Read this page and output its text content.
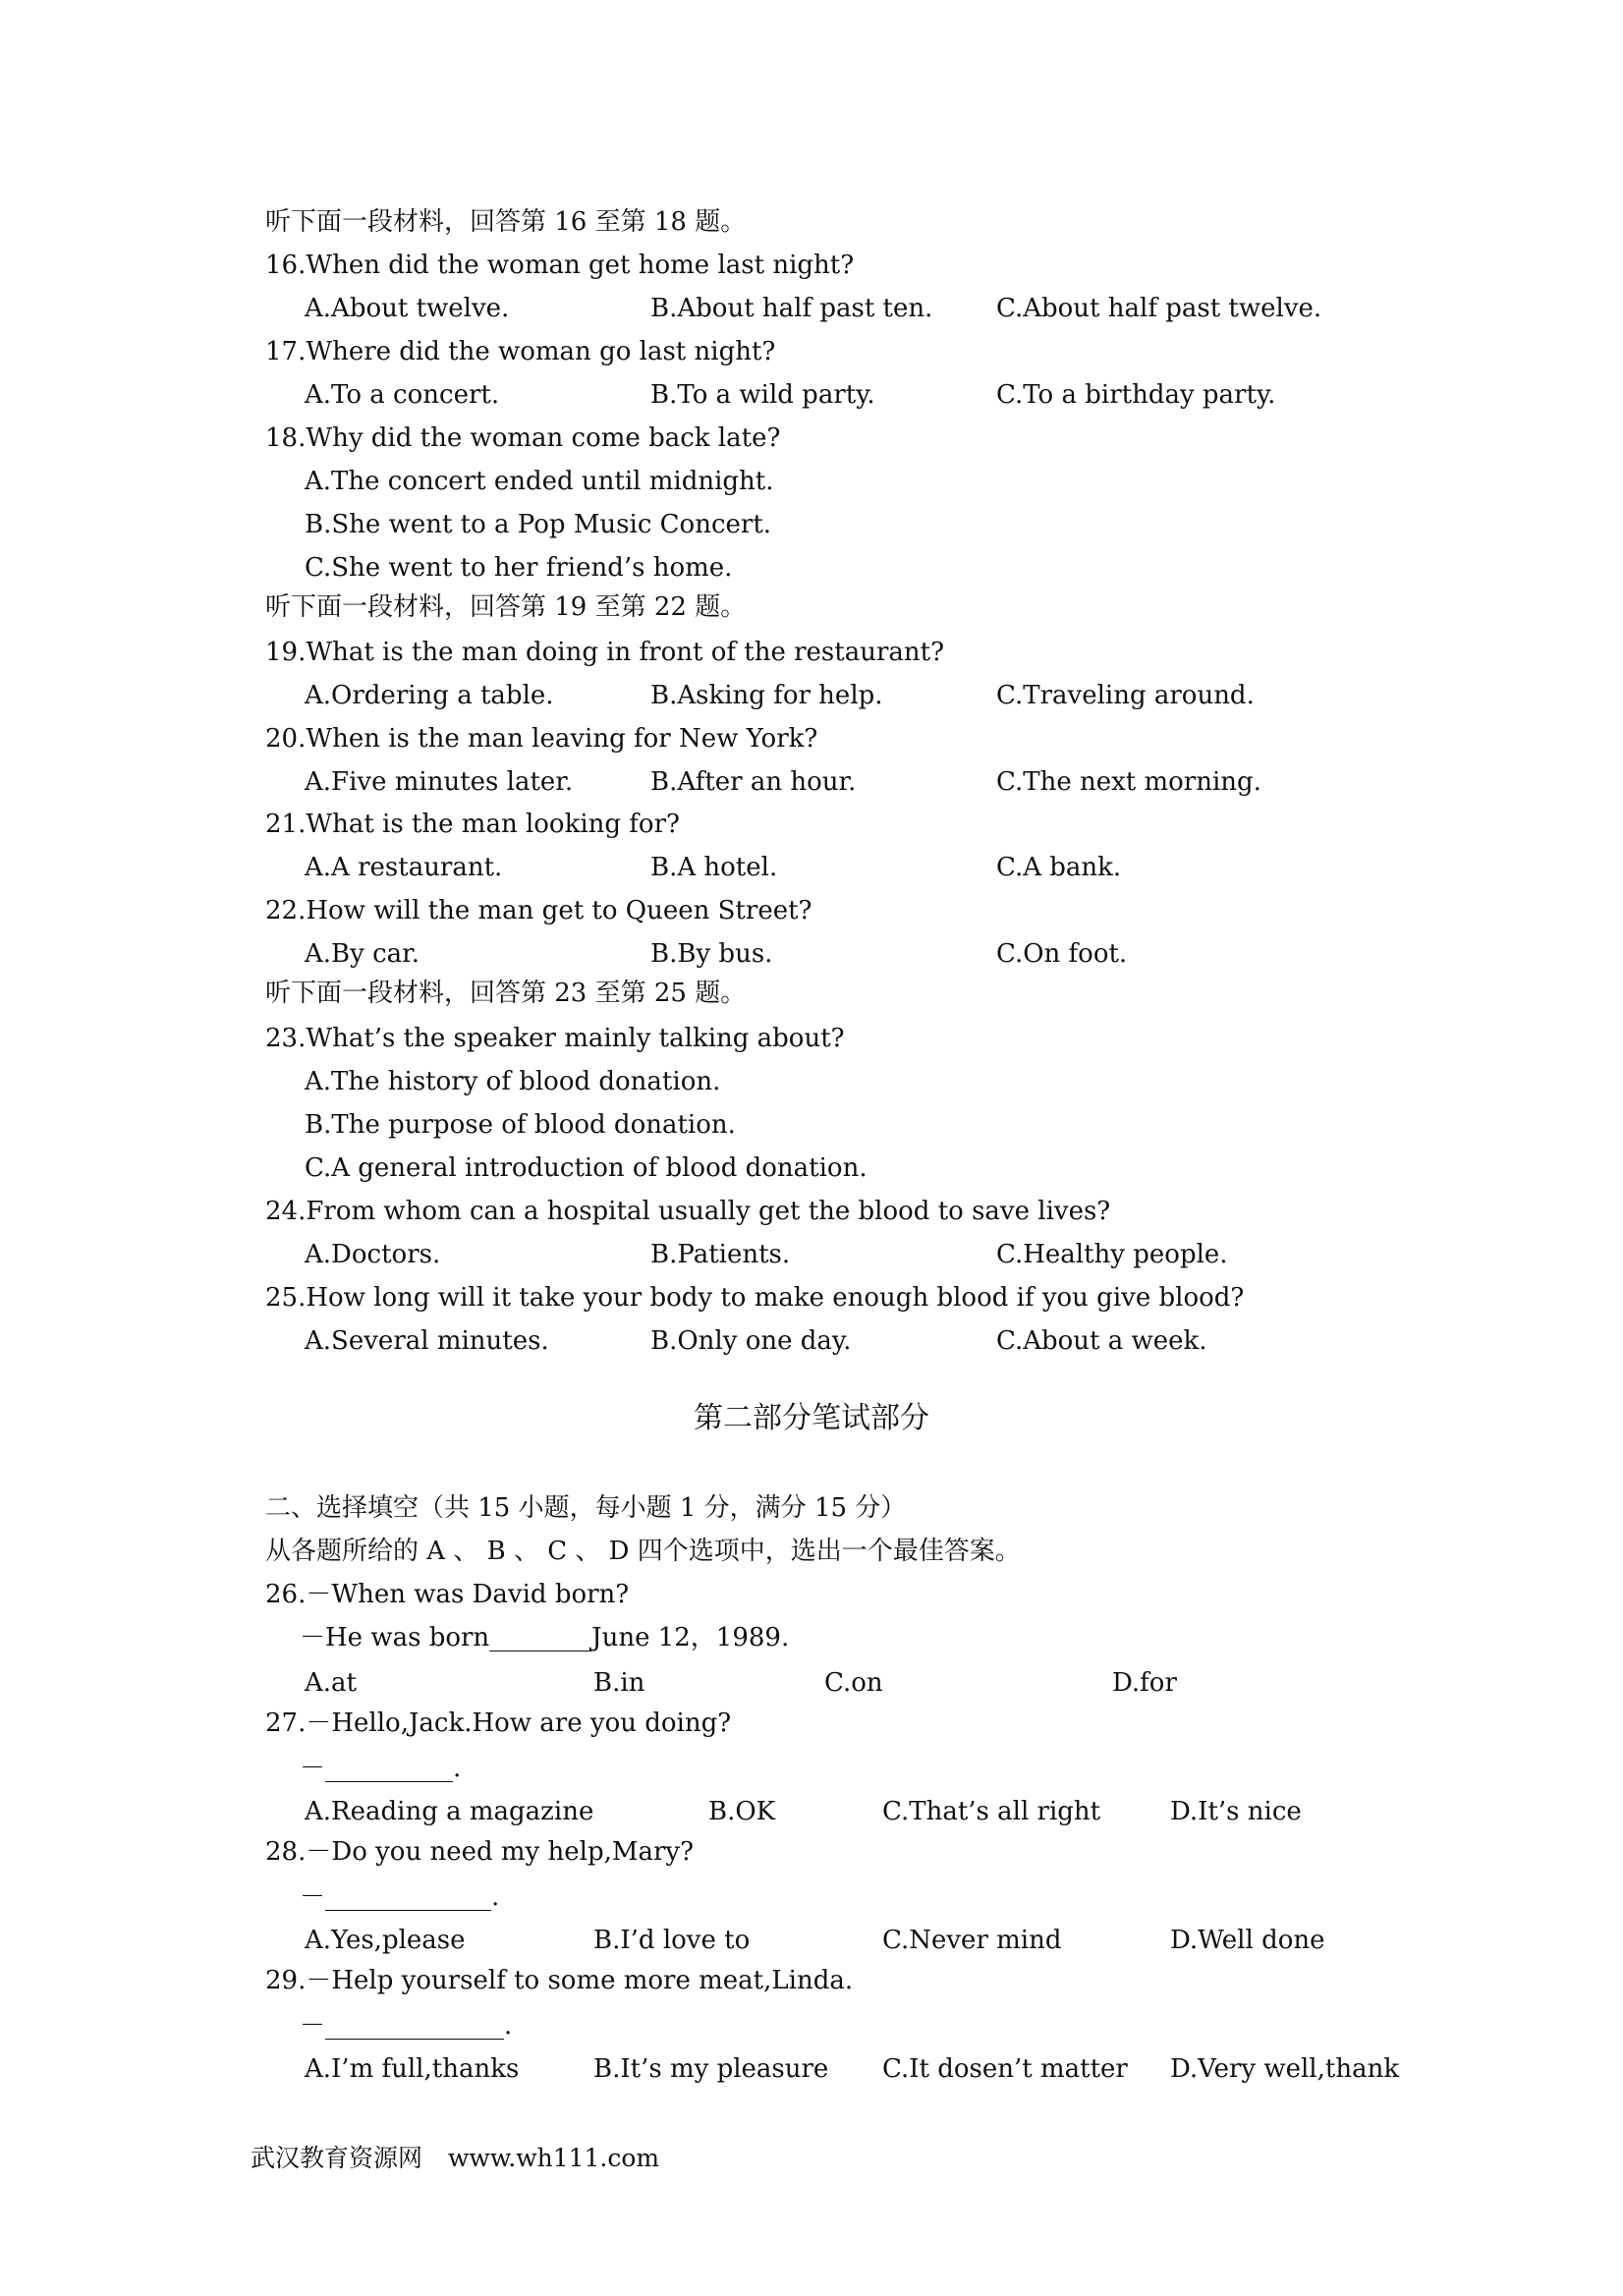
听下面一段材料，回答第 16 至第 18 题。
16.When did the woman get home last night?
A.About twelve.	B.About half past ten. C.About half past twelve.
17.Where did the woman go last night?
A.To a concert.	B.To a wild party.	C.To a birthday party.
18.Why did the woman come back late?
A.The concert ended until midnight.
B.She went to a Pop Music Concert.
C.She went to her friend’s home.
听下面一段材料，回答第 19 至第 22 题。
19.What is the man doing in front of the restaurant?
A.Ordering a table.	B.Asking for help.	C.Traveling around.
20.When is the man leaving for New York?
A.Five minutes later.	B.After an hour.	C.The next morning.
21.What is the man looking for?
A.A restaurant.	B.A hotel.	C.A bank.
22.How will the man get to Queen Street?
A.By car.	B.By bus.	C.On foot.
听下面一段材料，回答第 23 至第 25 题。
23.What’s the speaker mainly talking about?
A.The history of blood donation.
B.The purpose of blood donation.
C.A general introduction of blood donation.
24.From whom can a hospital usually get the blood to save lives?
A.Doctors.	B.Patients.	C.Healthy people.
25.How long will it take your body to make enough blood if you give blood?
A.Several minutes.	B.Only one day.	C.About a week.
第二部分笔试部分
二、选择填空（共 15 小题，每小题 1 分，满分 15 分）
从各题所给的 A 、 B 、 C 、 D 四个选项中，选出一个最佳答案。
26.－When was David born?
－He was born________June 12，1989.
A.at	B.in	C.on	D.for
27.－Hello,Jack.How are you doing?
－__________.
A.Reading a magazine	B.OK	C.That’s all right	D.It’s nice
28.－Do you need my help,Mary?
－_____________.
A.Yes,please	B.I’d love to	C.Never mind	D.Well done
29.－Help yourself to some more meat,Linda.
－______________.
A.I’m full,thanks	B.It’s my pleasure C.It dosen’t matter D.Very well,thank
武汉教育资源网 www.wh111.com
